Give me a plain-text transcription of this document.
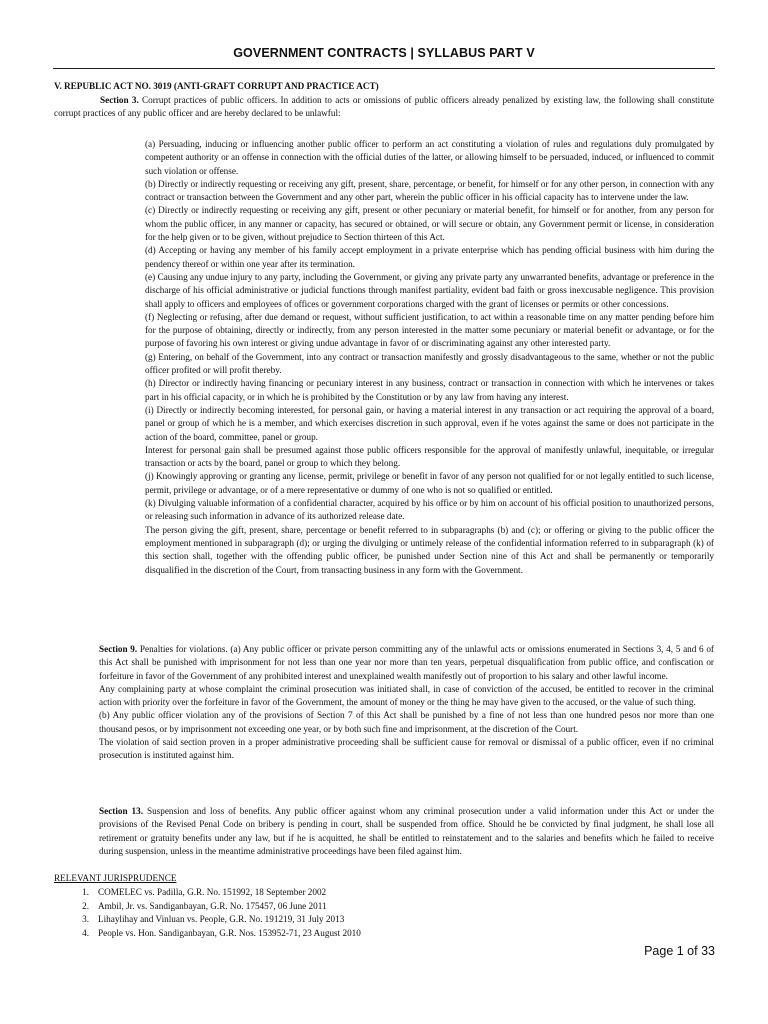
GOVERNMENT CONTRACTS | SYLLABUS PART V
V. REPUBLIC ACT NO. 3019 (ANTI-GRAFT CORRUPT AND PRACTICE ACT)
Section 3. Corrupt practices of public officers. In addition to acts or omissions of public officers already penalized by existing law, the following shall constitute corrupt practices of any public officer and are hereby declared to be unlawful:
(a) Persuading, inducing or influencing another public officer to perform an act constituting a violation of rules and regulations duly promulgated by competent authority or an offense in connection with the official duties of the latter, or allowing himself to be persuaded, induced, or influenced to commit such violation or offense.
(b) Directly or indirectly requesting or receiving any gift, present, share, percentage, or benefit, for himself or for any other person, in connection with any contract or transaction between the Government and any other part, wherein the public officer in his official capacity has to intervene under the law.
(c) Directly or indirectly requesting or receiving any gift, present or other pecuniary or material benefit, for himself or for another, from any person for whom the public officer, in any manner or capacity, has secured or obtained, or will secure or obtain, any Government permit or license, in consideration for the help given or to be given, without prejudice to Section thirteen of this Act.
(d) Accepting or having any member of his family accept employment in a private enterprise which has pending official business with him during the pendency thereof or within one year after its termination.
(e) Causing any undue injury to any party, including the Government, or giving any private party any unwarranted benefits, advantage or preference in the discharge of his official administrative or judicial functions through manifest partiality, evident bad faith or gross inexcusable negligence. This provision shall apply to officers and employees of offices or government corporations charged with the grant of licenses or permits or other concessions.
(f) Neglecting or refusing, after due demand or request, without sufficient justification, to act within a reasonable time on any matter pending before him for the purpose of obtaining, directly or indirectly, from any person interested in the matter some pecuniary or material benefit or advantage, or for the purpose of favoring his own interest or giving undue advantage in favor of or discriminating against any other interested party.
(g) Entering, on behalf of the Government, into any contract or transaction manifestly and grossly disadvantageous to the same, whether or not the public officer profited or will profit thereby.
(h) Director or indirectly having financing or pecuniary interest in any business, contract or transaction in connection with which he intervenes or takes part in his official capacity, or in which he is prohibited by the Constitution or by any law from having any interest.
(i) Directly or indirectly becoming interested, for personal gain, or having a material interest in any transaction or act requiring the approval of a board, panel or group of which he is a member, and which exercises discretion in such approval, even if he votes against the same or does not participate in the action of the board, committee, panel or group.
Interest for personal gain shall be presumed against those public officers responsible for the approval of manifestly unlawful, inequitable, or irregular transaction or acts by the board, panel or group to which they belong.
(j) Knowingly approving or granting any license, permit, privilege or benefit in favor of any person not qualified for or not legally entitled to such license, permit, privilege or advantage, or of a mere representative or dummy of one who is not so qualified or entitled.
(k) Divulging valuable information of a confidential character, acquired by his office or by him on account of his official position to unauthorized persons, or releasing such information in advance of its authorized release date.
The person giving the gift, present, share, percentage or benefit referred to in subparagraphs (b) and (c); or offering or giving to the public officer the employment mentioned in subparagraph (d); or urging the divulging or untimely release of the confidential information referred to in subparagraph (k) of this section shall, together with the offending public officer, be punished under Section nine of this Act and shall be permanently or temporarily disqualified in the discretion of the Court, from transacting business in any form with the Government.
Section 9. Penalties for violations. (a) Any public officer or private person committing any of the unlawful acts or omissions enumerated in Sections 3, 4, 5 and 6 of this Act shall be punished with imprisonment for not less than one year nor more than ten years, perpetual disqualification from public office, and confiscation or forfeiture in favor of the Government of any prohibited interest and unexplained wealth manifestly out of proportion to his salary and other lawful income.
Any complaining party at whose complaint the criminal prosecution was initiated shall, in case of conviction of the accused, be entitled to recover in the criminal action with priority over the forfeiture in favor of the Government, the amount of money or the thing he may have given to the accused, or the value of such thing.
(b) Any public officer violation any of the provisions of Section 7 of this Act shall be punished by a fine of not less than one hundred pesos nor more than one thousand pesos, or by imprisonment not exceeding one year, or by both such fine and imprisonment, at the discretion of the Court.
The violation of said section proven in a proper administrative proceeding shall be sufficient cause for removal or dismissal of a public officer, even if no criminal prosecution is instituted against him.
Section 13. Suspension and loss of benefits. Any public officer against whom any criminal prosecution under a valid information under this Act or under the provisions of the Revised Penal Code on bribery is pending in court, shall be suspended from office. Should he be convicted by final judgment, he shall lose all retirement or gratuity benefits under any law, but if he is acquitted, he shall be entitled to reinstatement and to the salaries and benefits which he failed to receive during suspension, unless in the meantime administrative proceedings have been filed against him.
RELEVANT JURISPRUDENCE
1. COMELEC vs. Padilla, G.R. No. 151992, 18 September 2002
2. Ambil, Jr. vs. Sandiganbayan, G.R. No. 175457, 06 June 2011
3. Lihaylihay and Vinluan vs. People, G.R. No. 191219, 31 July 2013
4. People vs. Hon. Sandiganbayan, G.R. Nos. 153952-71, 23 August 2010
Page 1 of 33
